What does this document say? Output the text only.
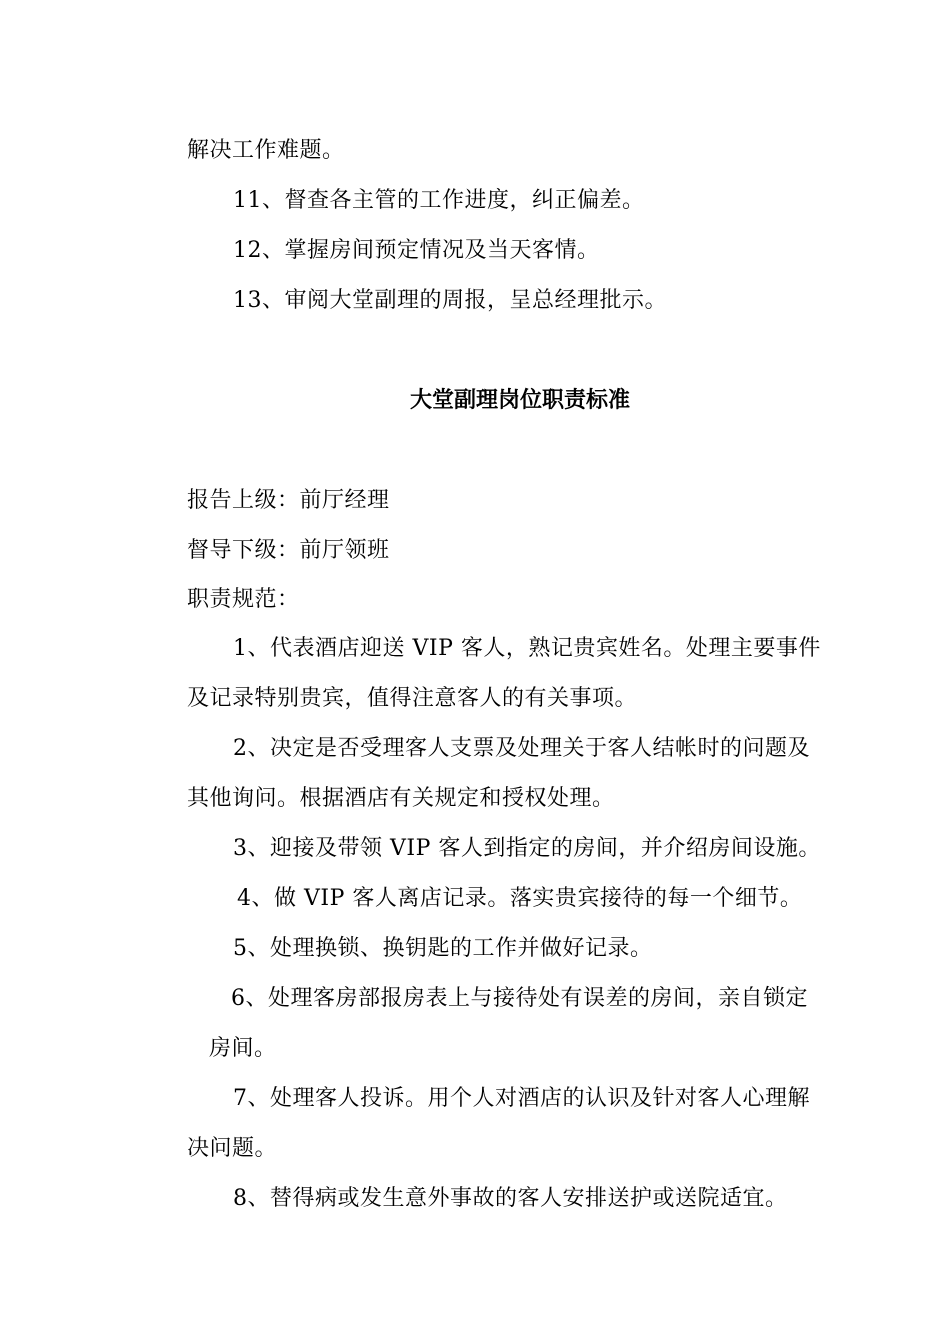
解决工作难题。
11、督查各主管的工作进度，纠正偏差。
12、掌握房间预定情况及当天客情。
13、审阅大堂副理的周报，呈总经理批示。
大堂副理岗位职责标准
报告上级：前厅经理
督导下级：前厅领班
职责规范：
1、代表酒店迎送 VIP 客人，熟记贵宾姓名。处理主要事件
及记录特别贵宾，值得注意客人的有关事项。
2、决定是否受理客人支票及处理关于客人结帐时的问题及
其他询问。根据酒店有关规定和授权处理。
3、迎接及带领 VIP 客人到指定的房间，并介绍房间设施。
4、做 VIP 客人离店记录。落实贵宾接待的每一个细节。
5、处理换锁、换钥匙的工作并做好记录。
6、处理客房部报房表上与接待处有误差的房间，亲自锁定
房间。
7、处理客人投诉。用个人对酒店的认识及针对客人心理解
决问题。
8、替得病或发生意外事故的客人安排送护或送院适宜。
